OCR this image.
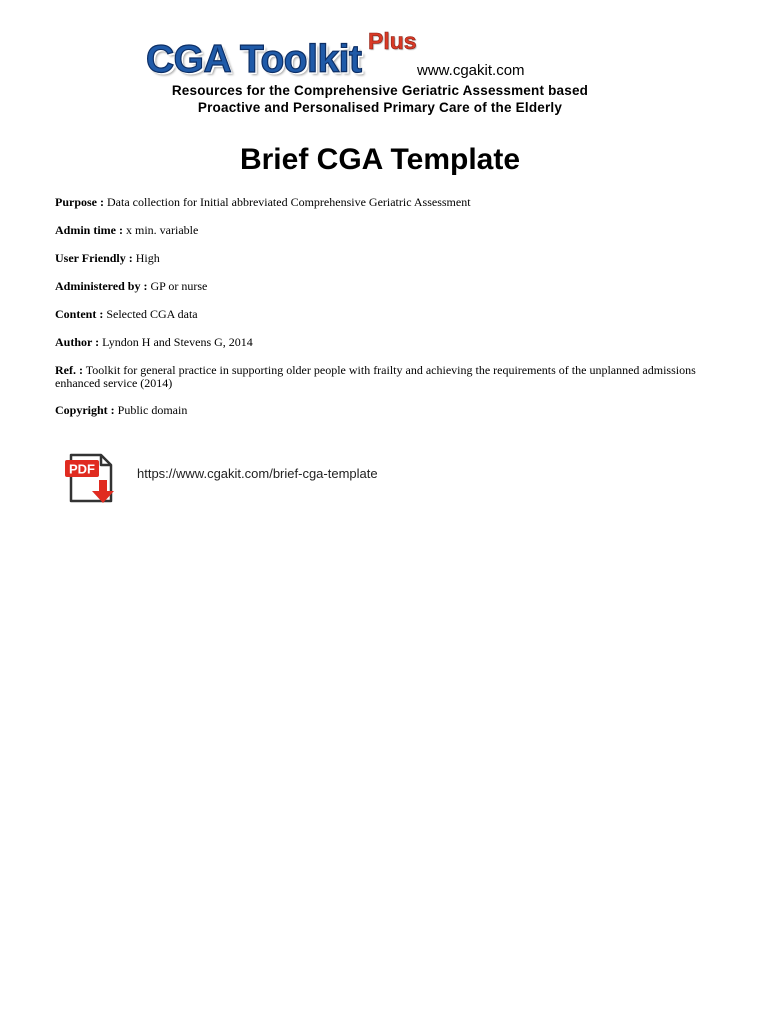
CGA Toolkit Plus
www.cgakit.com
Resources for the Comprehensive Geriatric Assessment based
Proactive and Personalised Primary Care of the Elderly
Brief CGA Template
Purpose : Data collection for Initial abbreviated Comprehensive Geriatric Assessment
Admin time : x min. variable
User Friendly : High
Administered by : GP or nurse
Content : Selected CGA data
Author : Lyndon H and Stevens G, 2014
Ref. : Toolkit for general practice in supporting older people with frailty and achieving the requirements of the unplanned admissions enhanced service (2014)
Copyright : Public domain
PDF	https://www.cgakit.com/brief-cga-template
